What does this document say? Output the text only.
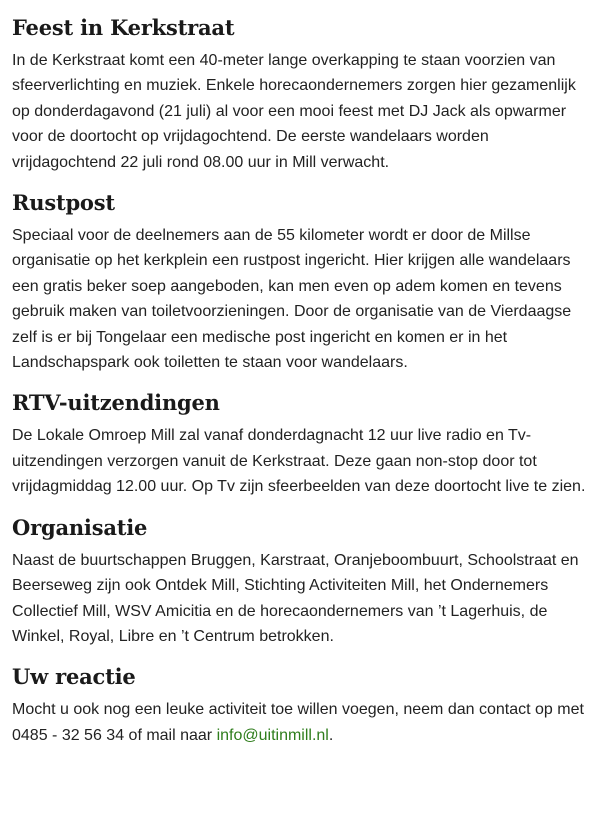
Feest in Kerkstraat

In de Kerkstraat komt een 40-meter lange overkapping te staan voorzien van sfeerverlichting en muziek. Enkele horecaondernemers zorgen hier gezamenlijk op donderdagavond (21 juli) al voor een mooi feest met DJ Jack als opwarmer voor de doortocht op vrijdagochtend. De eerste wandelaars worden vrijdagochtend 22 juli rond 08.00 uur in Mill verwacht.

Rustpost

Speciaal voor de deelnemers aan de 55 kilometer wordt er door de Millse organisatie op het kerkplein een rustpost ingericht. Hier krijgen alle wandelaars een gratis beker soep aangeboden, kan men even op adem komen en tevens gebruik maken van toiletvoorzieningen. Door de organisatie van de Vierdaagse zelf is er bij Tongelaar een medische post ingericht en komen er in het Landschapspark ook toiletten te staan voor wandelaars.

RTV-uitzendingen

De Lokale Omroep Mill zal vanaf donderdagnacht 12 uur live radio en Tv-uitzendingen verzorgen vanuit de Kerkstraat. Deze gaan non-stop door tot vrijdagmiddag 12.00 uur. Op Tv zijn sfeerbeelden van deze doortocht live te zien.

Organisatie

Naast de buurtschappen Bruggen, Karstraat, Oranjeboombuurt, Schoolstraat en Beerseweg zijn ook Ontdek Mill, Stichting Activiteiten Mill, het Ondernemers Collectief Mill, WSV Amicitia en de horecaondernemers van ’t Lagerhuis, de Winkel, Royal, Libre en ’t Centrum betrokken.

Uw reactie

Mocht u ook nog een leuke activiteit toe willen voegen, neem dan contact op met 0485 - 32 56 34 of mail naar info@uitinmill.nl.
